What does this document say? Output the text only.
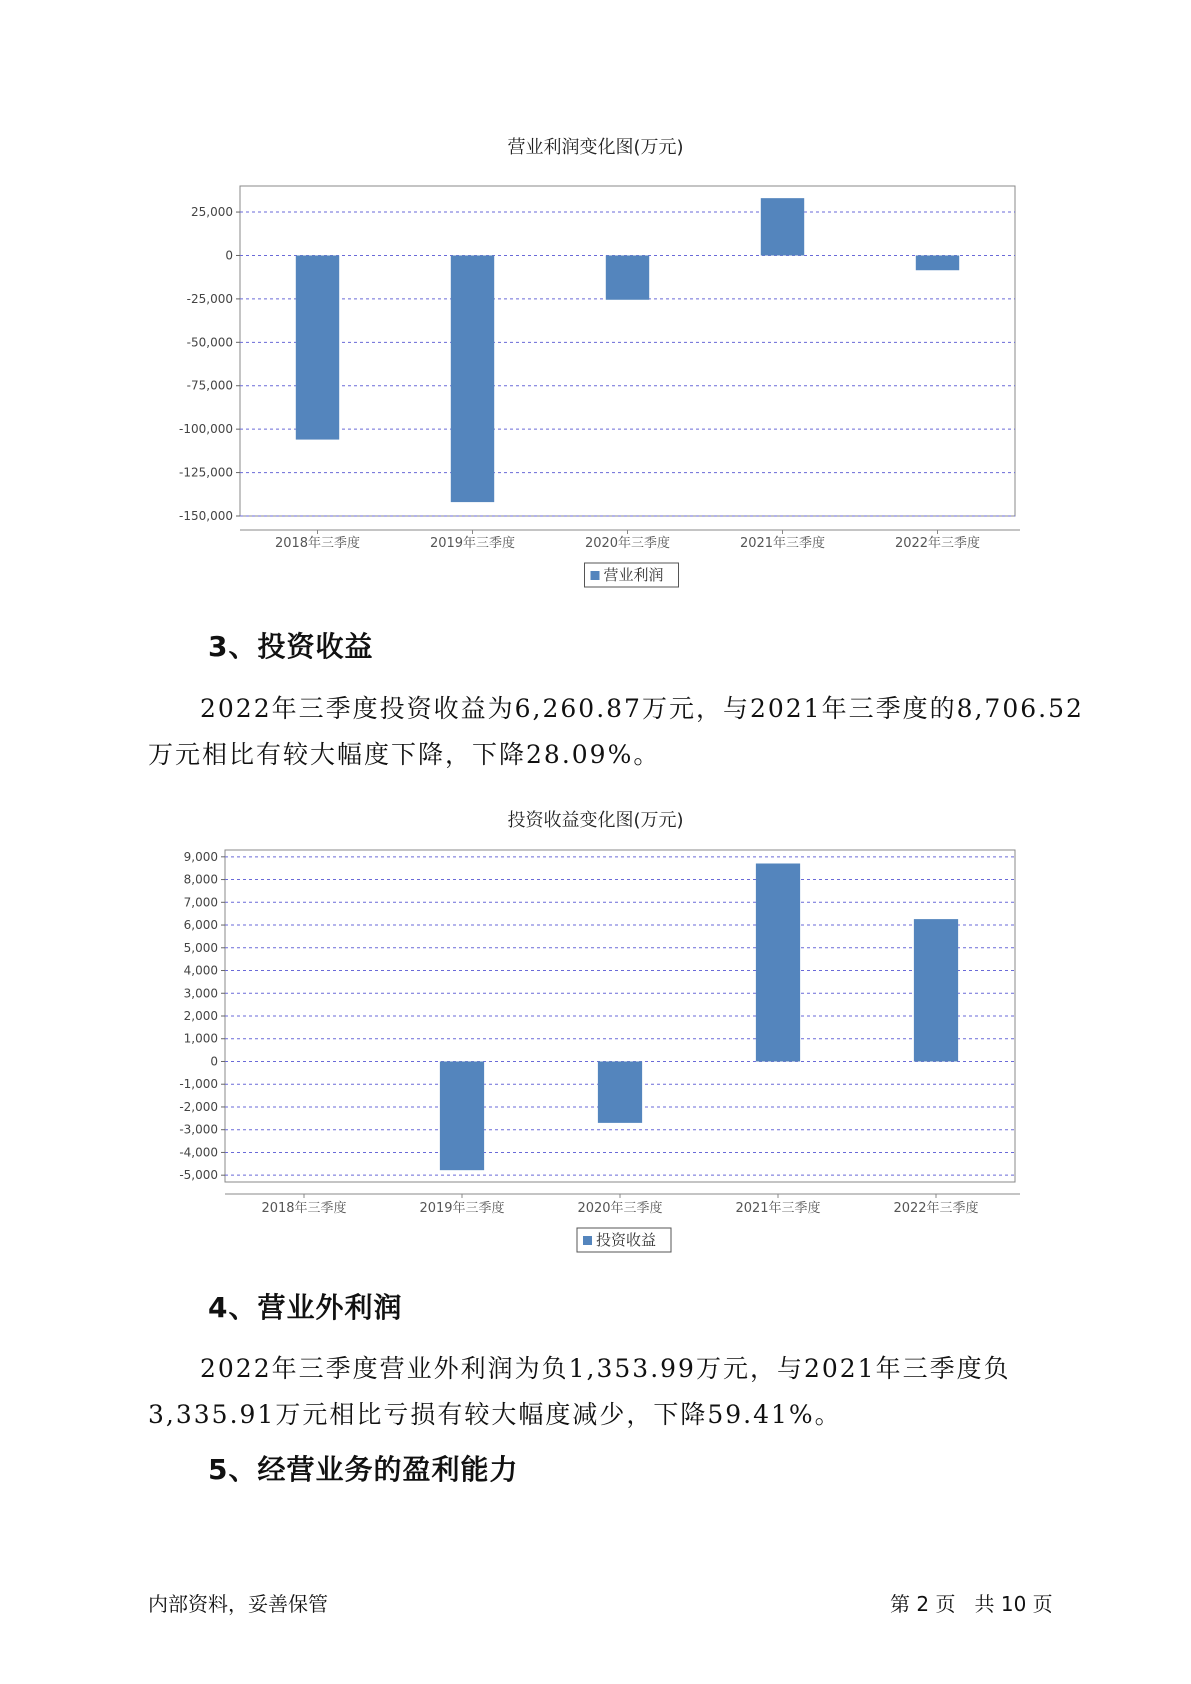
营业利润变化图(万元)
25,000
0
-25,000
-50,000
-75,000
-100,000
-125,000
-150,000
2018年三季度	2019年三季度	2020年三季度	2021年三季度	2022年三季度
营业利润
3、投资收益
2022年三季度投资收益为6,260.87万元，与2021年三季度的8,706.52
万元相比有较大幅度下降，下降28.09%。
投资收益变化图(万元)
9,000
8,000
7,000
6,000
5,000
4,000
3,000
2,000
1,000
0
-1,000
-2,000
-3,000
-4,000
-5,000
2018年三季度	2019年三季度	2020年三季度	2021年三季度	2022年三季度
投资收益
4、营业外利润
2022年三季度营业外利润为负1,353.99万元，与2021年三季度负
3,335.91万元相比亏损有较大幅度减少，下降59.41%。
5、经营业务的盈利能力
内部资料，妥善保管	第 2 页   共 10 页
